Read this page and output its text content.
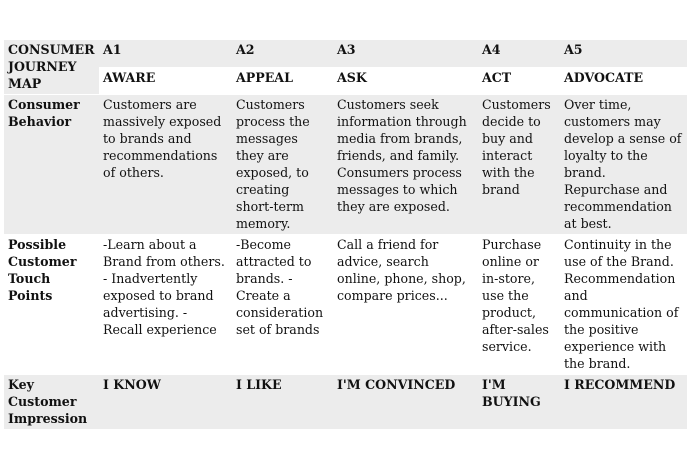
CONSUMER JOURNEY MAP	A1	A2	A3	A4	A5
	AWARE	APPEAL	ASK	ACT	ADVOCATE
Consumer Behavior	Customers are massively exposed to brands and recommendations of others.	Customers process the messages they are exposed, to creating short-term memory.	Customers seek information through media from brands, friends, and family. Consumers process messages to which they are exposed.	Customers decide to buy and interact with the brand	Over time, customers may develop a sense of loyalty to the brand. Repurchase and recommendation at best.
Possible Customer Touch Points	-Learn about a Brand from others. - Inadvertently exposed to brand advertising. - Recall experience	-Become attracted to brands. - Create a consideration set of brands	Call a friend for advice, search online, phone, shop, compare prices...	Purchase online or in-store, use the product, after-sales service.	Continuity in the use of the Brand. Recommendation and communication of the positive experience with the brand.
Key Customer Impression	I KNOW	I LIKE	I'M CONVINCED	I'M BUYING	I RECOMMEND
